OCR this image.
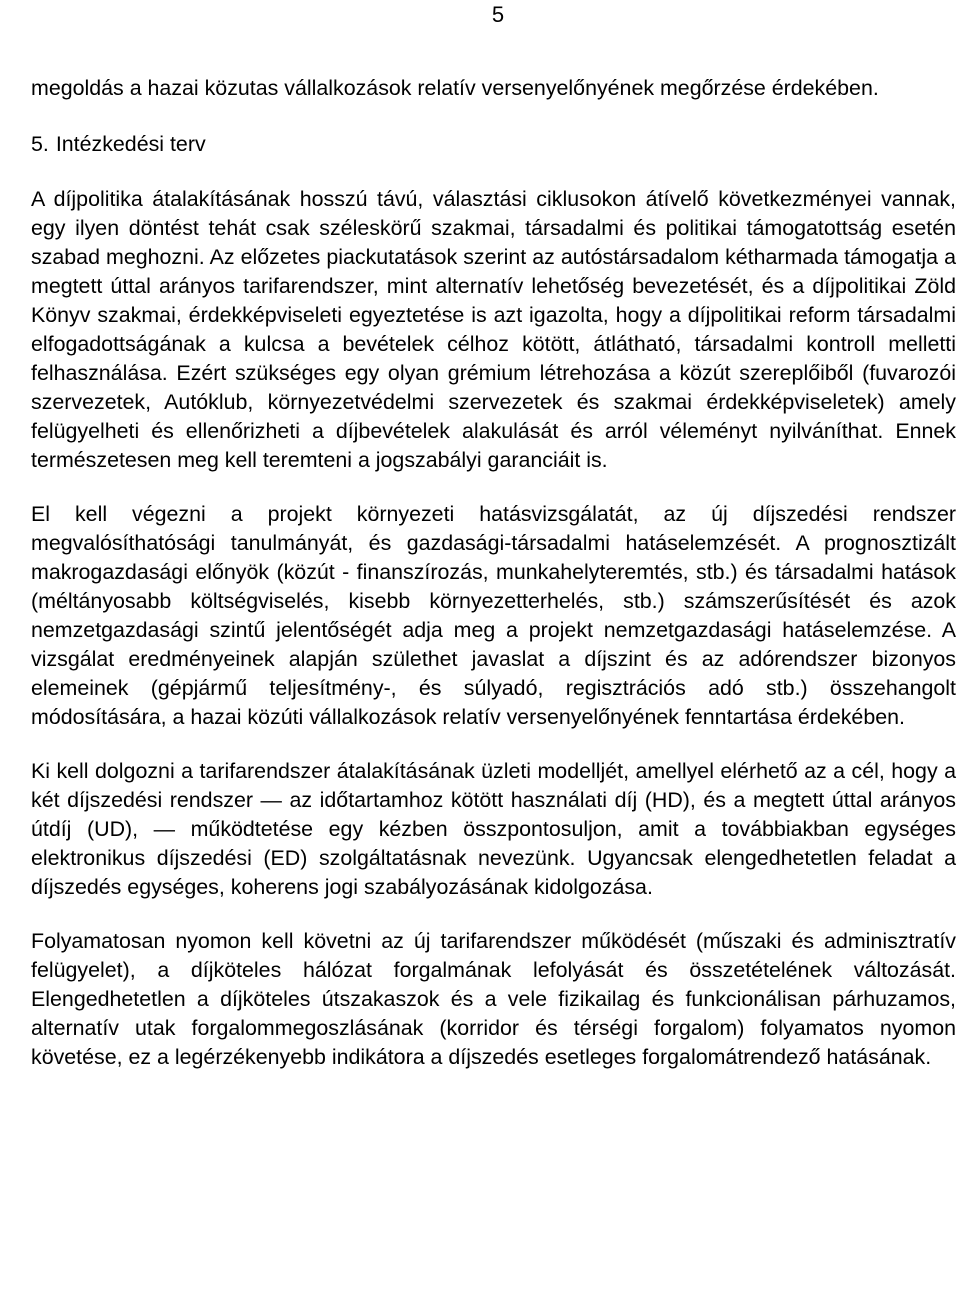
5

megoldás a hazai közutas vállalkozások relatív versenyelőnyének megőrzése érdekében.

5. Intézkedési terv

A díjpolitika átalakításának hosszú távú, választási ciklusokon átívelő következményei vannak, egy ilyen döntést tehát csak széleskörű szakmai, társadalmi és politikai támogatottság esetén szabad meghozni. Az előzetes piackutatások szerint az autóstársadalom kétharmada támogatja a megtett úttal arányos tarifarendszer, mint alternatív lehetőség bevezetését, és a díjpolitikai Zöld Könyv szakmai, érdekképviseleti egyeztetése is azt igazolta, hogy a díjpolitikai reform társadalmi elfogadottságának a kulcsa a bevételek célhoz kötött, átlátható, társadalmi kontroll melletti felhasználása. Ezért szükséges egy olyan grémium létrehozása a közút szereplőiből (fuvarozói szervezetek, Autóklub, környezetvédelmi szervezetek és szakmai érdekképviseletek) amely felügyelheti és ellenőrizheti a díjbevételek alakulását és arról véleményt nyilváníthat. Ennek természetesen meg kell teremteni a jogszabályi garanciáit is.

El kell végezni a projekt környezeti hatásvizsgálatát, az új díjszedési rendszer megvalósíthatósági tanulmányát, és gazdasági-társadalmi hatáselemzését. A prognosztizált makrogazdasági előnyök (közút - finanszírozás, munkahelyteremtés, stb.) és társadalmi hatások (méltányosabb költségviselés, kisebb környezetterhelés, stb.) számszerűsítését és azok nemzetgazdasági szintű jelentőségét adja meg a projekt nemzetgazdasági hatáselemzése. A vizsgálat eredményeinek alapján születhet javaslat a díjszint és az adórendszer bizonyos elemeinek (gépjármű teljesítmény-, és súlyadó, regisztrációs adó stb.) összehangolt módosítására, a hazai közúti vállalkozások relatív versenyelőnyének fenntartása érdekében.

Ki kell dolgozni a tarifarendszer átalakításának üzleti modelljét, amellyel elérhető az a cél, hogy a két díjszedési rendszer — az időtartamhoz kötött használati díj (HD), és a megtett úttal arányos útdíj (UD), — működtetése egy kézben összpontosuljon, amit a továbbiakban egységes elektronikus díjszedési (ED) szolgáltatásnak nevezünk. Ugyancsak elengedhetetlen feladat a díjszedés egységes, koherens jogi szabályozásának kidolgozása.

Folyamatosan nyomon kell követni az új tarifarendszer működését (műszaki és adminisztratív felügyelet), a díjköteles hálózat forgalmának lefolyását és összetételének változását. Elengedhetetlen a díjköteles útszakaszok és a vele fizikailag és funkcionálisan párhuzamos, alternatív utak forgalommegoszlásának (korridor és térségi forgalom) folyamatos nyomon követése, ez a legérzékenyebb indikátora a díjszedés esetleges forgalomátrendező hatásának.
